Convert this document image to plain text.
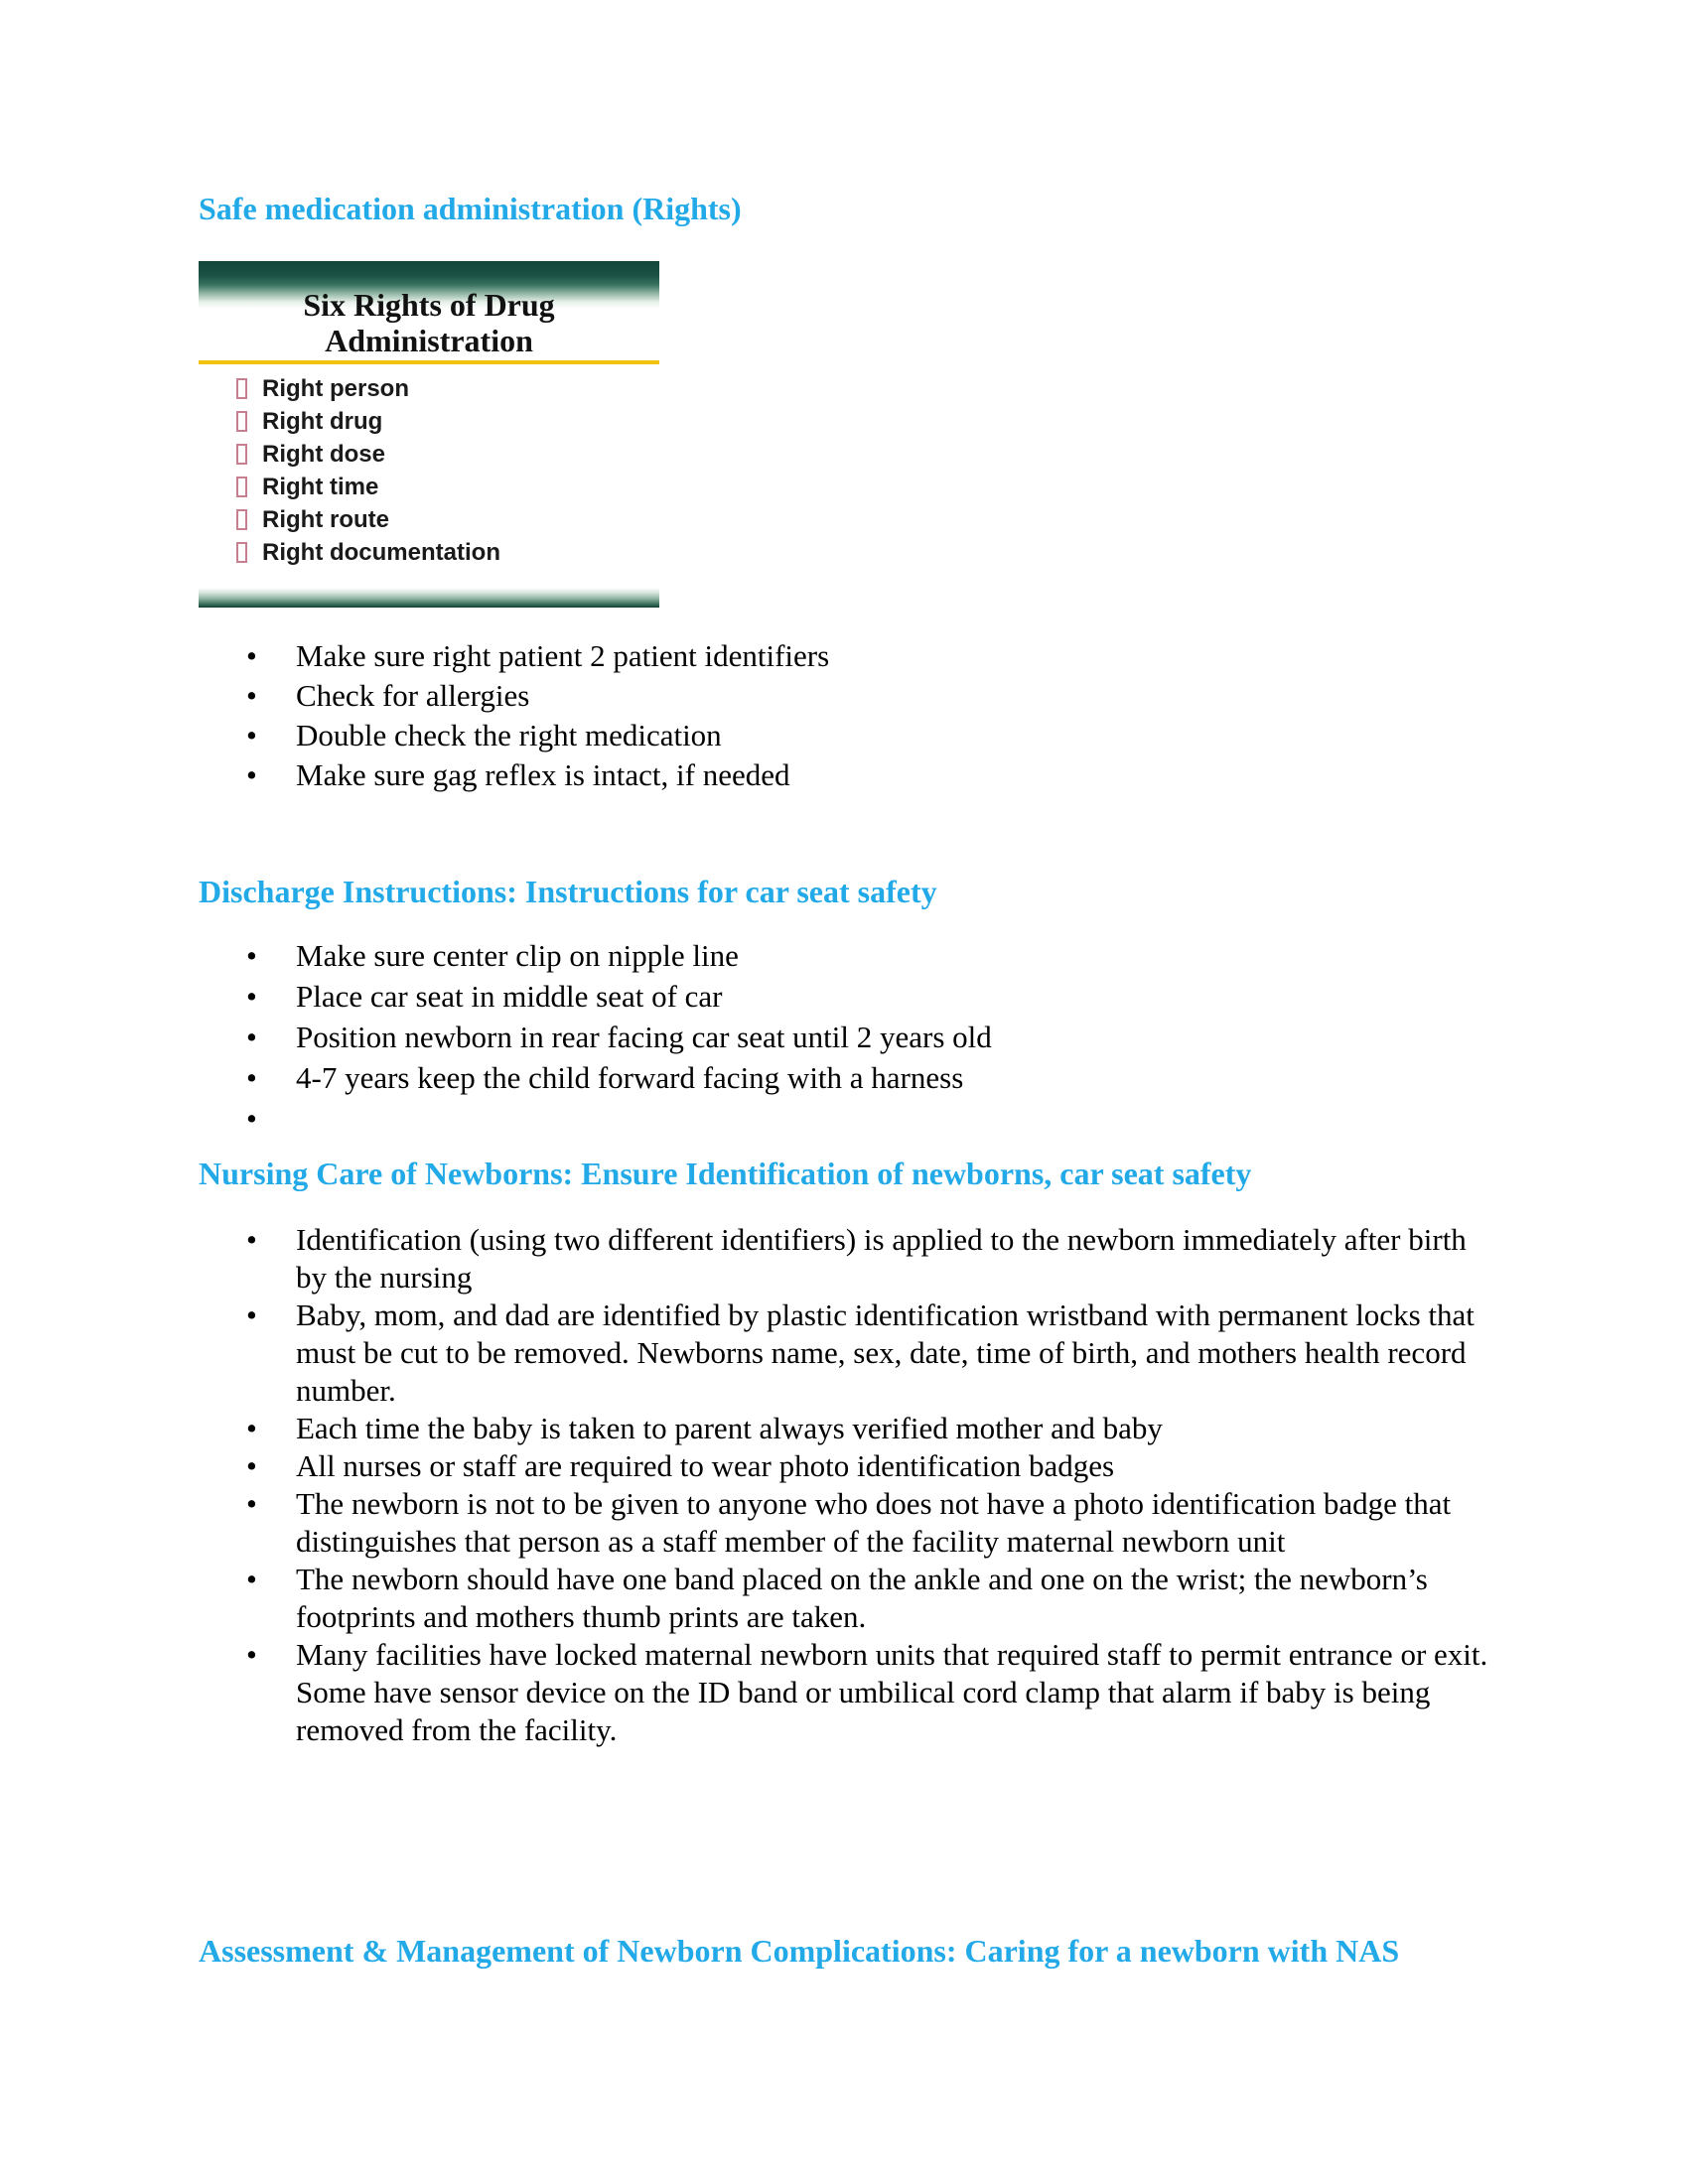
Safe medication administration (Rights)
Six Rights of Drug
Administration
Right person
Right drug
Right dose
Right time
Right route
Right documentation
• Make sure right patient 2 patient identifiers
• Check for allergies
• Double check the right medication
• Make sure gag reflex is intact, if needed
Discharge Instructions: Instructions for car seat safety
• Make sure center clip on nipple line
• Place car seat in middle seat of car
• Position newborn in rear facing car seat until 2 years old
• 4-7 years keep the child forward facing with a harness
•
Nursing Care of Newborns: Ensure Identification of newborns, car seat safety
• Identification (using two different identifiers) is applied to the newborn immediately after birth by the nursing
• Baby, mom, and dad are identified by plastic identification wristband with permanent locks that must be cut to be removed. Newborns name, sex, date, time of birth, and mothers health record number.
• Each time the baby is taken to parent always verified mother and baby
• All nurses or staff are required to wear photo identification badges
• The newborn is not to be given to anyone who does not have a photo identification badge that distinguishes that person as a staff member of the facility maternal newborn unit
• The newborn should have one band placed on the ankle and one on the wrist; the newborn’s footprints and mothers thumb prints are taken.
• Many facilities have locked maternal newborn units that required staff to permit entrance or exit. Some have sensor device on the ID band or umbilical cord clamp that alarm if baby is being removed from the facility.
Assessment & Management of Newborn Complications: Caring for a newborn with NAS
